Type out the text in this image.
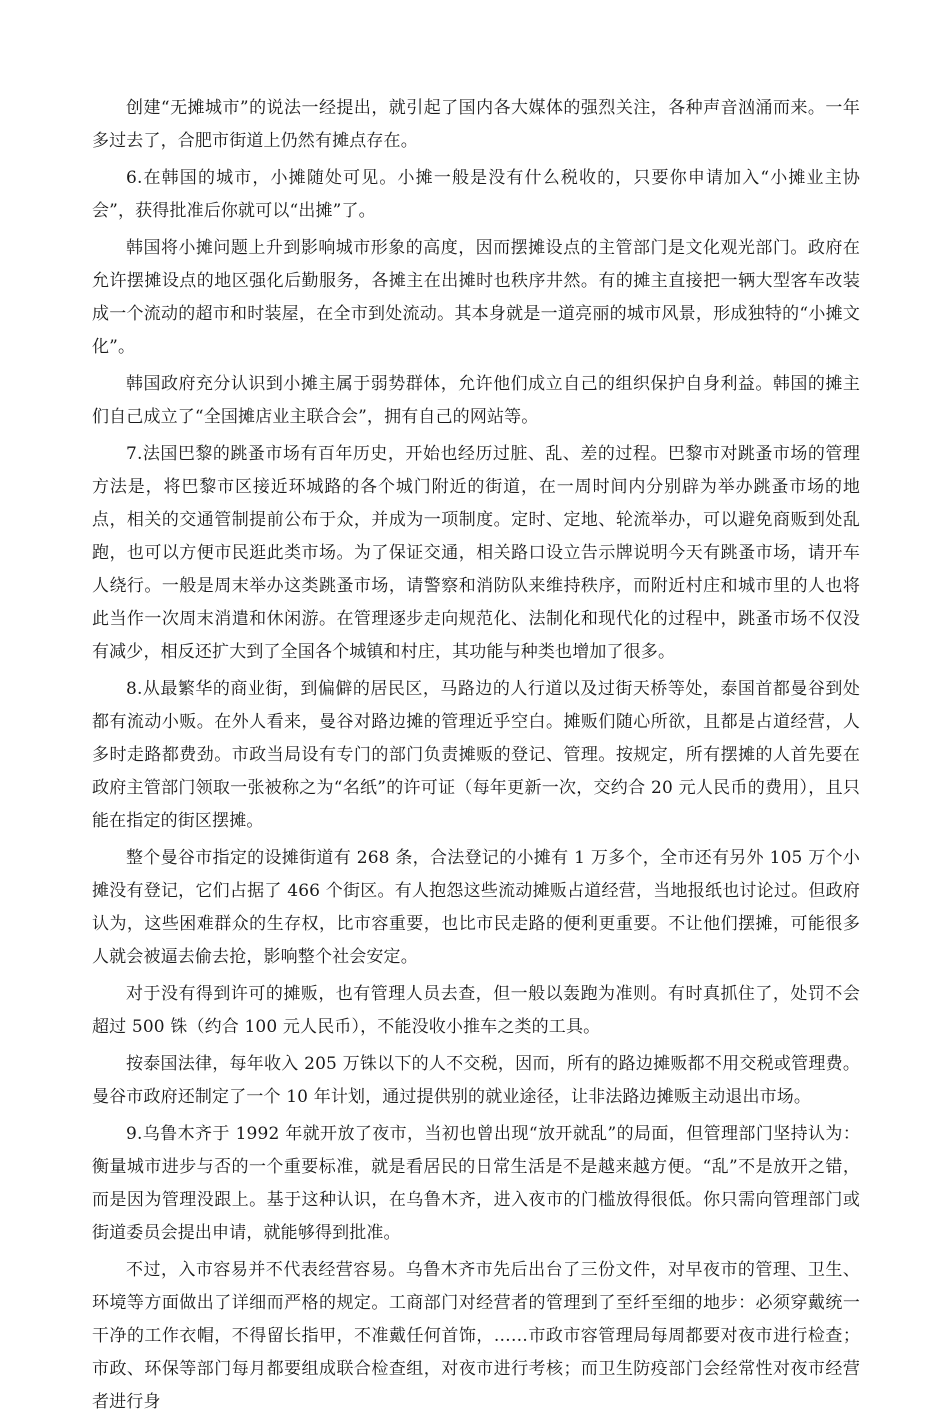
创建“无摊城市”的说法一经提出，就引起了国内各大媒体的强烈关注，各种声音汹涌而来。一年多过去了，合肥市街道上仍然有摊点存在。

6.在韩国的城市，小摊随处可见。小摊一般是没有什么税收的，只要你申请加入“小摊业主协会”，获得批准后你就可以“出摊”了。

韩国将小摊问题上升到影响城市形象的高度，因而摆摊设点的主管部门是文化观光部门。政府在允许摆摊设点的地区强化后勤服务，各摊主在出摊时也秩序井然。有的摊主直接把一辆大型客车改装成一个流动的超市和时装屋，在全市到处流动。其本身就是一道亮丽的城市风景，形成独特的“小摊文化”。

韩国政府充分认识到小摊主属于弱势群体，允许他们成立自己的组织保护自身利益。韩国的摊主们自己成立了“全国摊店业主联合会”，拥有自己的网站等。

7.法国巴黎的跳蚤市场有百年历史，开始也经历过脏、乱、差的过程。巴黎市对跳蚤市场的管理方法是，将巴黎市区接近环城路的各个城门附近的街道，在一周时间内分别辟为举办跳蚤市场的地点，相关的交通管制提前公布于众，并成为一项制度。定时、定地、轮流举办，可以避免商贩到处乱跑，也可以方便市民逛此类市场。为了保证交通，相关路口设立告示牌说明今天有跳蚤市场，请开车人绕行。一般是周末举办这类跳蚤市场，请警察和消防队来维持秩序，而附近村庄和城市里的人也将此当作一次周末消遣和休闲游。在管理逐步走向规范化、法制化和现代化的过程中，跳蚤市场不仅没有减少，相反还扩大到了全国各个城镇和村庄，其功能与种类也增加了很多。

8.从最繁华的商业街，到偏僻的居民区，马路边的人行道以及过街天桥等处，泰国首都曼谷到处都有流动小贩。在外人看来，曼谷对路边摊的管理近乎空白。摊贩们随心所欲，且都是占道经营，人多时走路都费劲。市政当局设有专门的部门负责摊贩的登记、管理。按规定，所有摆摊的人首先要在政府主管部门领取一张被称之为“名纸”的许可证（每年更新一次，交约合 20 元人民币的费用），且只能在指定的街区摆摊。

整个曼谷市指定的设摊街道有 268 条，合法登记的小摊有 1 万多个，全市还有另外 105 万个小摊没有登记，它们占据了 466 个街区。有人抱怨这些流动摊贩占道经营，当地报纸也讨论过。但政府认为，这些困难群众的生存权，比市容重要，也比市民走路的便利更重要。不让他们摆摊，可能很多人就会被逼去偷去抢，影响整个社会安定。

对于没有得到许可的摊贩，也有管理人员去查，但一般以轰跑为准则。有时真抓住了，处罚不会超过 500 铢（约合 100 元人民币），不能没收小推车之类的工具。

按泰国法律，每年收入 205 万铢以下的人不交税，因而，所有的路边摊贩都不用交税或管理费。曼谷市政府还制定了一个 10 年计划，通过提供别的就业途径，让非法路边摊贩主动退出市场。

9.乌鲁木齐于 1992 年就开放了夜市，当初也曾出现“放开就乱”的局面，但管理部门坚持认为：衡量城市进步与否的一个重要标准，就是看居民的日常生活是不是越来越方便。“乱”不是放开之错，而是因为管理没跟上。基于这种认识，在乌鲁木齐，进入夜市的门槛放得很低。你只需向管理部门或街道委员会提出申请，就能够得到批准。

不过，入市容易并不代表经营容易。乌鲁木齐市先后出台了三份文件，对早夜市的管理、卫生、环境等方面做出了详细而严格的规定。工商部门对经营者的管理到了至纤至细的地步：必须穿戴统一干净的工作衣帽，不得留长指甲，不准戴任何首饰，……市政市容管理局每周都要对夜市进行检查；市政、环保等部门每月都要组成联合检查组，对夜市进行考核；而卫生防疫部门会经常性对夜市经营者进行身
